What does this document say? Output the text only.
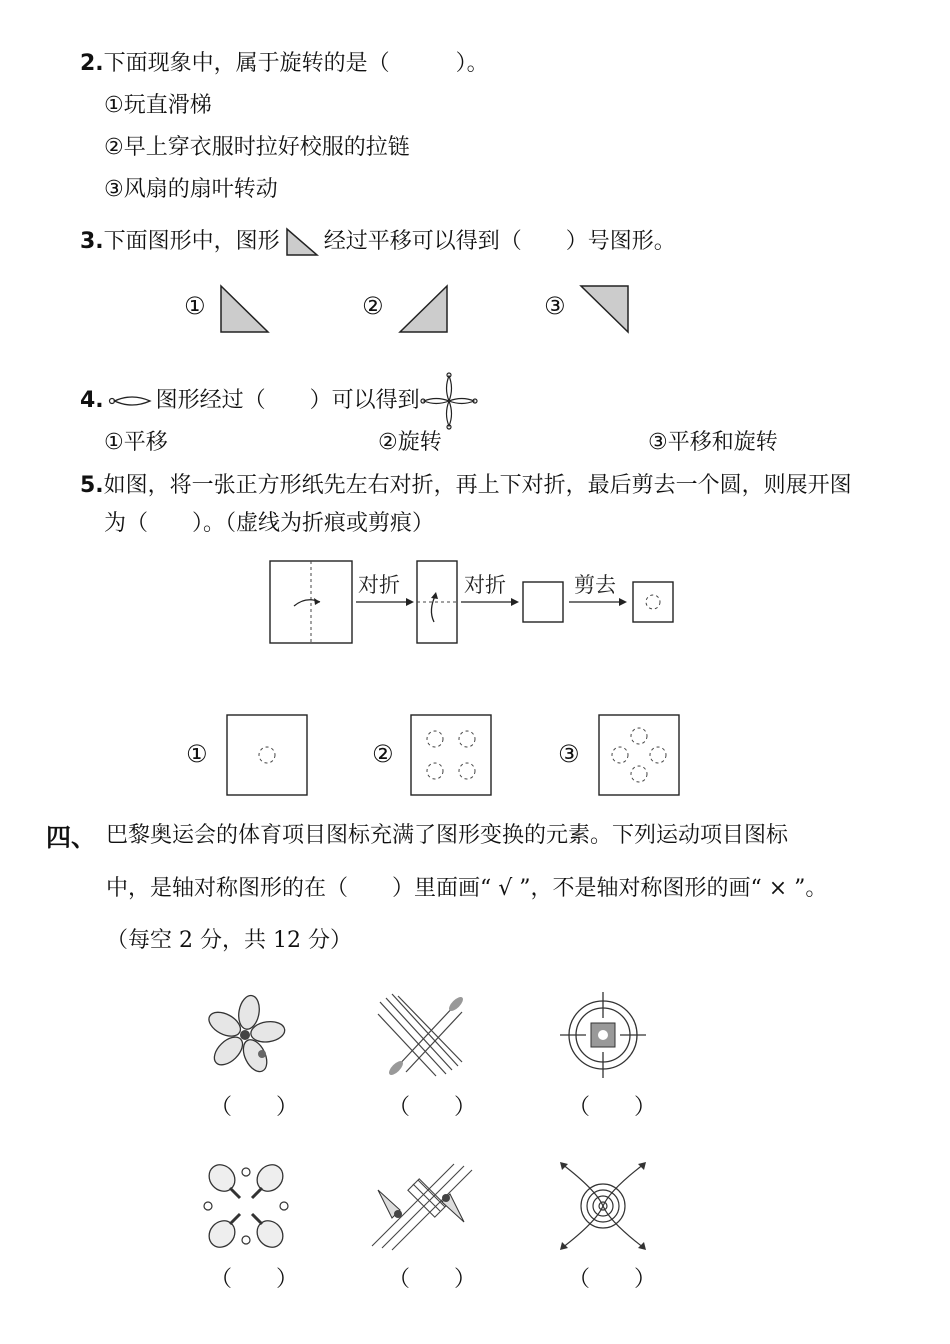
2.下面现象中，属于旋转的是（　　　）。
①玩直滑梯
②早上穿衣服时拉好校服的拉链
③风扇的扇叶转动
3.下面图形中，图形 经过平移可以得到（　　）号图形。
①	②	③
4. 图形经过（　　）可以得到
①平移	②旋转	③平移和旋转
5.如图，将一张正方形纸先左右对折，再上下对折，最后剪去一个圆，则展开图
为（　　）。（虚线为折痕或剪痕）
对折	对折	剪去
①	②	③
四、 巴黎奥运会的体育项目图标充满了图形变换的元素。下列运动项目图标
中，是轴对称图形的在（　　）里面画“ √ ”，不是轴对称图形的画“ × ”。
（每空 2 分，共 12 分）
（　　）	（　　）	（　　）
（　　）	（　　）	（　　）
